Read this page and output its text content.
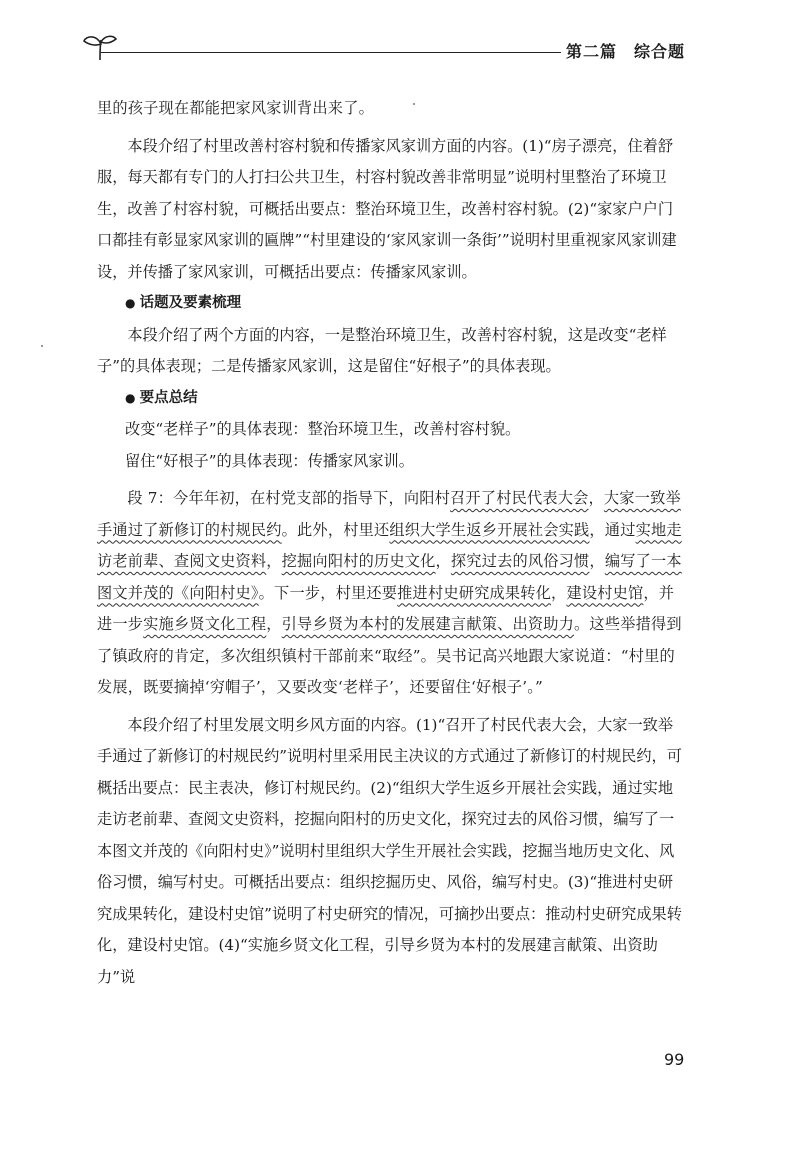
第二篇　综合题

里的孩子现在都能把家风家训背出来了。

本段介绍了村里改善村容村貌和传播家风家训方面的内容。(1)“房子漂亮，住着舒服，每天都有专门的人打扫公共卫生，村容村貌改善非常明显”说明村里整治了环境卫生，改善了村容村貌，可概括出要点：整治环境卫生，改善村容村貌。(2)“家家户户门口都挂有彰显家风家训的匾牌”“村里建设的‘家风家训一条街’”说明村里重视家风家训建设，并传播了家风家训，可概括出要点：传播家风家训。

● 话题及要素梳理

本段介绍了两个方面的内容，一是整治环境卫生，改善村容村貌，这是改变“老样子”的具体表现；二是传播家风家训，这是留住“好根子”的具体表现。

● 要点总结

改变“老样子”的具体表现：整治环境卫生，改善村容村貌。

留住“好根子”的具体表现：传播家风家训。

段 7：今年年初，在村党支部的指导下，向阳村召开了村民代表大会，大家一致举手通过了新修订的村规民约。此外，村里还组织大学生返乡开展社会实践，通过实地走访老前辈、查阅文史资料，挖掘向阳村的历史文化，探究过去的风俗习惯，编写了一本图文并茂的《向阳村史》。下一步，村里还要推进村史研究成果转化，建设村史馆，并进一步实施乡贤文化工程，引导乡贤为本村的发展建言献策、出资助力。这些举措得到了镇政府的肯定，多次组织镇村干部前来“取经”。吴书记高兴地跟大家说道：“村里的发展，既要摘掉‘穷帽子’，又要改变‘老样子’，还要留住‘好根子’。”

本段介绍了村里发展文明乡风方面的内容。(1)“召开了村民代表大会，大家一致举手通过了新修订的村规民约”说明村里采用民主决议的方式通过了新修订的村规民约，可概括出要点：民主表决，修订村规民约。(2)“组织大学生返乡开展社会实践，通过实地走访老前辈、查阅文史资料，挖掘向阳村的历史文化，探究过去的风俗习惯，编写了一本图文并茂的《向阳村史》”说明村里组织大学生开展社会实践，挖掘当地历史文化、风俗习惯，编写村史。可概括出要点：组织挖掘历史、风俗，编写村史。(3)“推进村史研究成果转化，建设村史馆”说明了村史研究的情况，可摘抄出要点：推动村史研究成果转化，建设村史馆。(4)“实施乡贤文化工程，引导乡贤为本村的发展建言献策、出资助力”说

99
